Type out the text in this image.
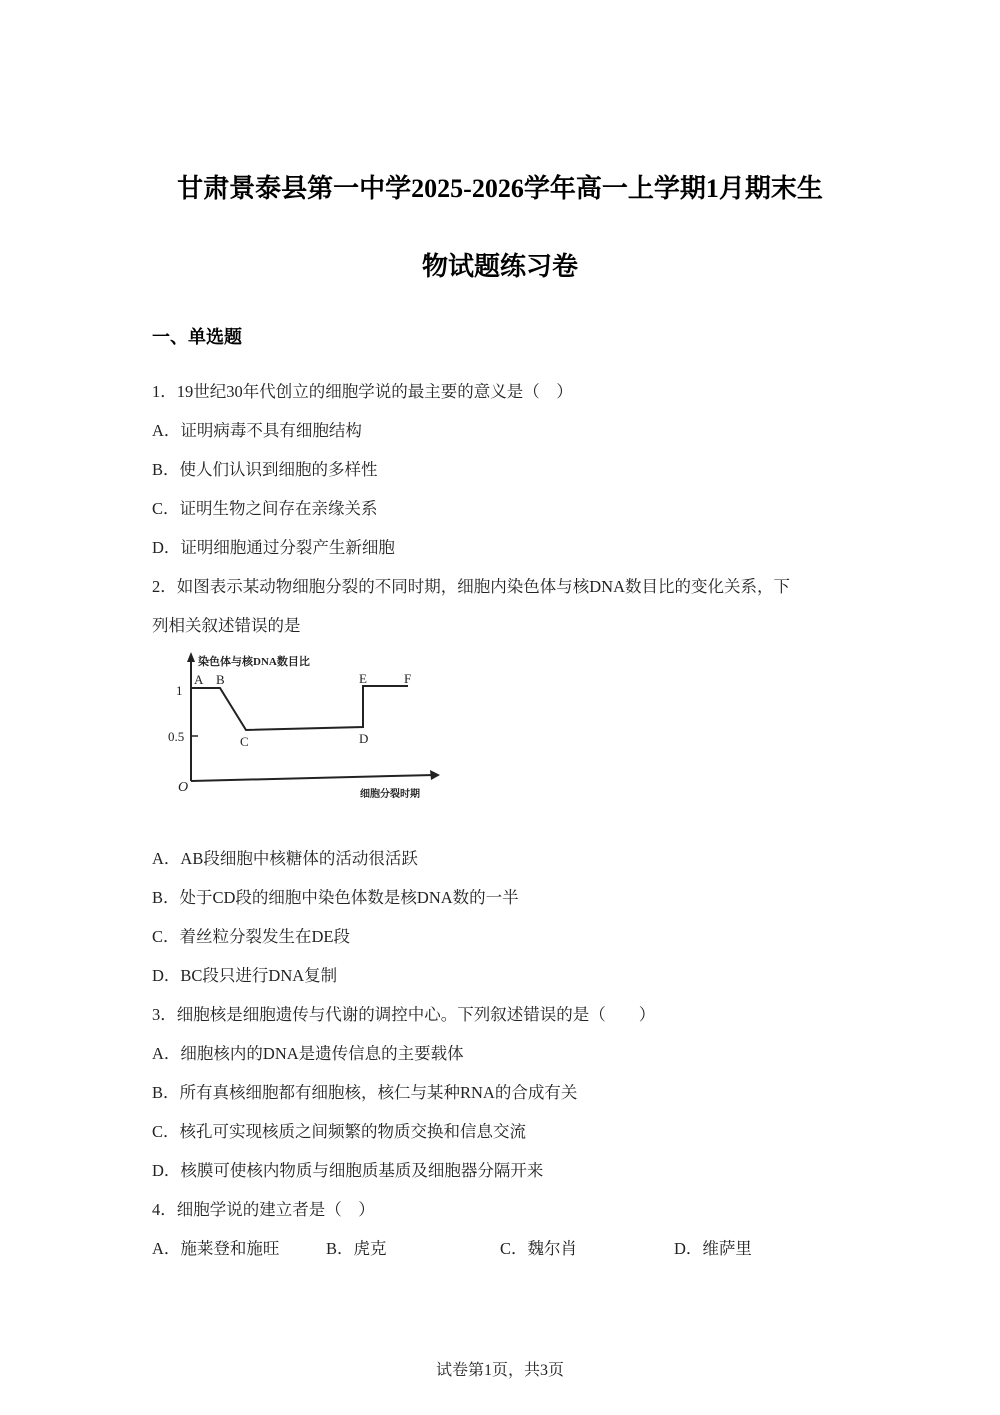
甘肃景泰县第一中学2025-2026学年高一上学期1月期末生
物试题练习卷
一、单选题
1．19世纪30年代创立的细胞学说的最主要的意义是（　）
A．证明病毒不具有细胞结构
B．使人们认识到细胞的多样性
C．证明生物之间存在亲缘关系
D．证明细胞通过分裂产生新细胞
2．如图表示某动物细胞分裂的不同时期，细胞内染色体与核DNA数目比的变化关系，下
列相关叙述错误的是
染色体与核DNA数目比
细胞分裂时期
O
1
0.5
A B
C	D
E	F
A．AB段细胞中核糖体的活动很活跃
B．处于CD段的细胞中染色体数是核DNA数的一半
C．着丝粒分裂发生在DE段
D．BC段只进行DNA复制
3．细胞核是细胞遗传与代谢的调控中心。下列叙述错误的是（　　）
A．细胞核内的DNA是遗传信息的主要载体
B．所有真核细胞都有细胞核，核仁与某种RNA的合成有关
C．核孔可实现核质之间频繁的物质交换和信息交流
D．核膜可使核内物质与细胞质基质及细胞器分隔开来
4．细胞学说的建立者是（　）
A．施莱登和施旺	B．虎克	C．魏尔肖	D．维萨里
试卷第1页，共3页
